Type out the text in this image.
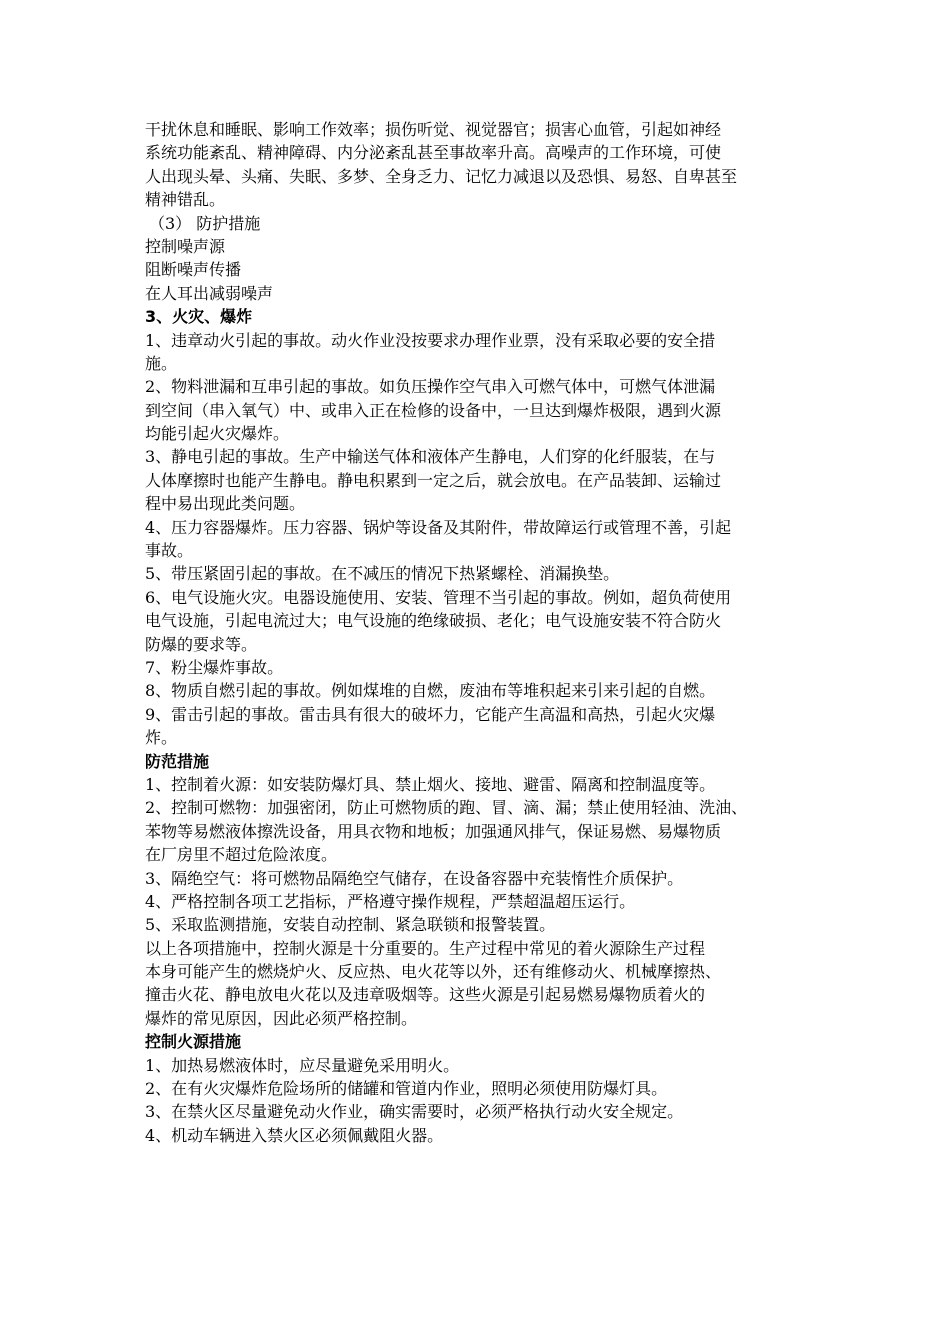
干扰休息和睡眠、影响工作效率；损伤听觉、视觉器官；损害心血管，引起如神经
系统功能紊乱、精神障碍、内分泌紊乱甚至事故率升高。高噪声的工作环境，可使
人出现头晕、头痛、失眠、多梦、全身乏力、记忆力减退以及恐惧、易怒、自卑甚至
精神错乱。
（3） 防护措施
控制噪声源
阻断噪声传播
在人耳出减弱噪声
3、火灾、爆炸
1、违章动火引起的事故。动火作业没按要求办理作业票，没有采取必要的安全措
施。
2、物料泄漏和互串引起的事故。如负压操作空气串入可燃气体中，可燃气体泄漏
到空间（串入氧气）中、或串入正在检修的设备中，一旦达到爆炸极限，遇到火源
均能引起火灾爆炸。
3、静电引起的事故。生产中输送气体和液体产生静电，人们穿的化纤服装，在与
人体摩擦时也能产生静电。静电积累到一定之后，就会放电。在产品装卸、运输过
程中易出现此类问题。
4、压力容器爆炸。压力容器、锅炉等设备及其附件，带故障运行或管理不善，引起
事故。
5、带压紧固引起的事故。在不减压的情况下热紧螺栓、消漏换垫。
6、电气设施火灾。电器设施使用、安装、管理不当引起的事故。例如，超负荷使用
电气设施，引起电流过大；电气设施的绝缘破损、老化；电气设施安装不符合防火
防爆的要求等。
7、粉尘爆炸事故。
8、物质自燃引起的事故。例如煤堆的自燃，废油布等堆积起来引来引起的自燃。
9、雷击引起的事故。雷击具有很大的破坏力，它能产生高温和高热，引起火灾爆
炸。
防范措施
1、控制着火源：如安装防爆灯具、禁止烟火、接地、避雷、隔离和控制温度等。
2、控制可燃物：加强密闭，防止可燃物质的跑、冒、滴、漏；禁止使用轻油、洗油、
苯物等易燃液体擦洗设备，用具衣物和地板；加强通风排气，保证易燃、易爆物质
在厂房里不超过危险浓度。
3、隔绝空气：将可燃物品隔绝空气储存，在设备容器中充装惰性介质保护。
4、严格控制各项工艺指标，严格遵守操作规程，严禁超温超压运行。
5、采取监测措施，安装自动控制、紧急联锁和报警装置。
以上各项措施中，控制火源是十分重要的。生产过程中常见的着火源除生产过程
本身可能产生的燃烧炉火、反应热、电火花等以外，还有维修动火、机械摩擦热、
撞击火花、静电放电火花以及违章吸烟等。这些火源是引起易燃易爆物质着火的
爆炸的常见原因，因此必须严格控制。
控制火源措施
1、加热易燃液体时，应尽量避免采用明火。
2、在有火灾爆炸危险场所的储罐和管道内作业，照明必须使用防爆灯具。
3、在禁火区尽量避免动火作业，确实需要时，必须严格执行动火安全规定。
4、机动车辆进入禁火区必须佩戴阻火器。
